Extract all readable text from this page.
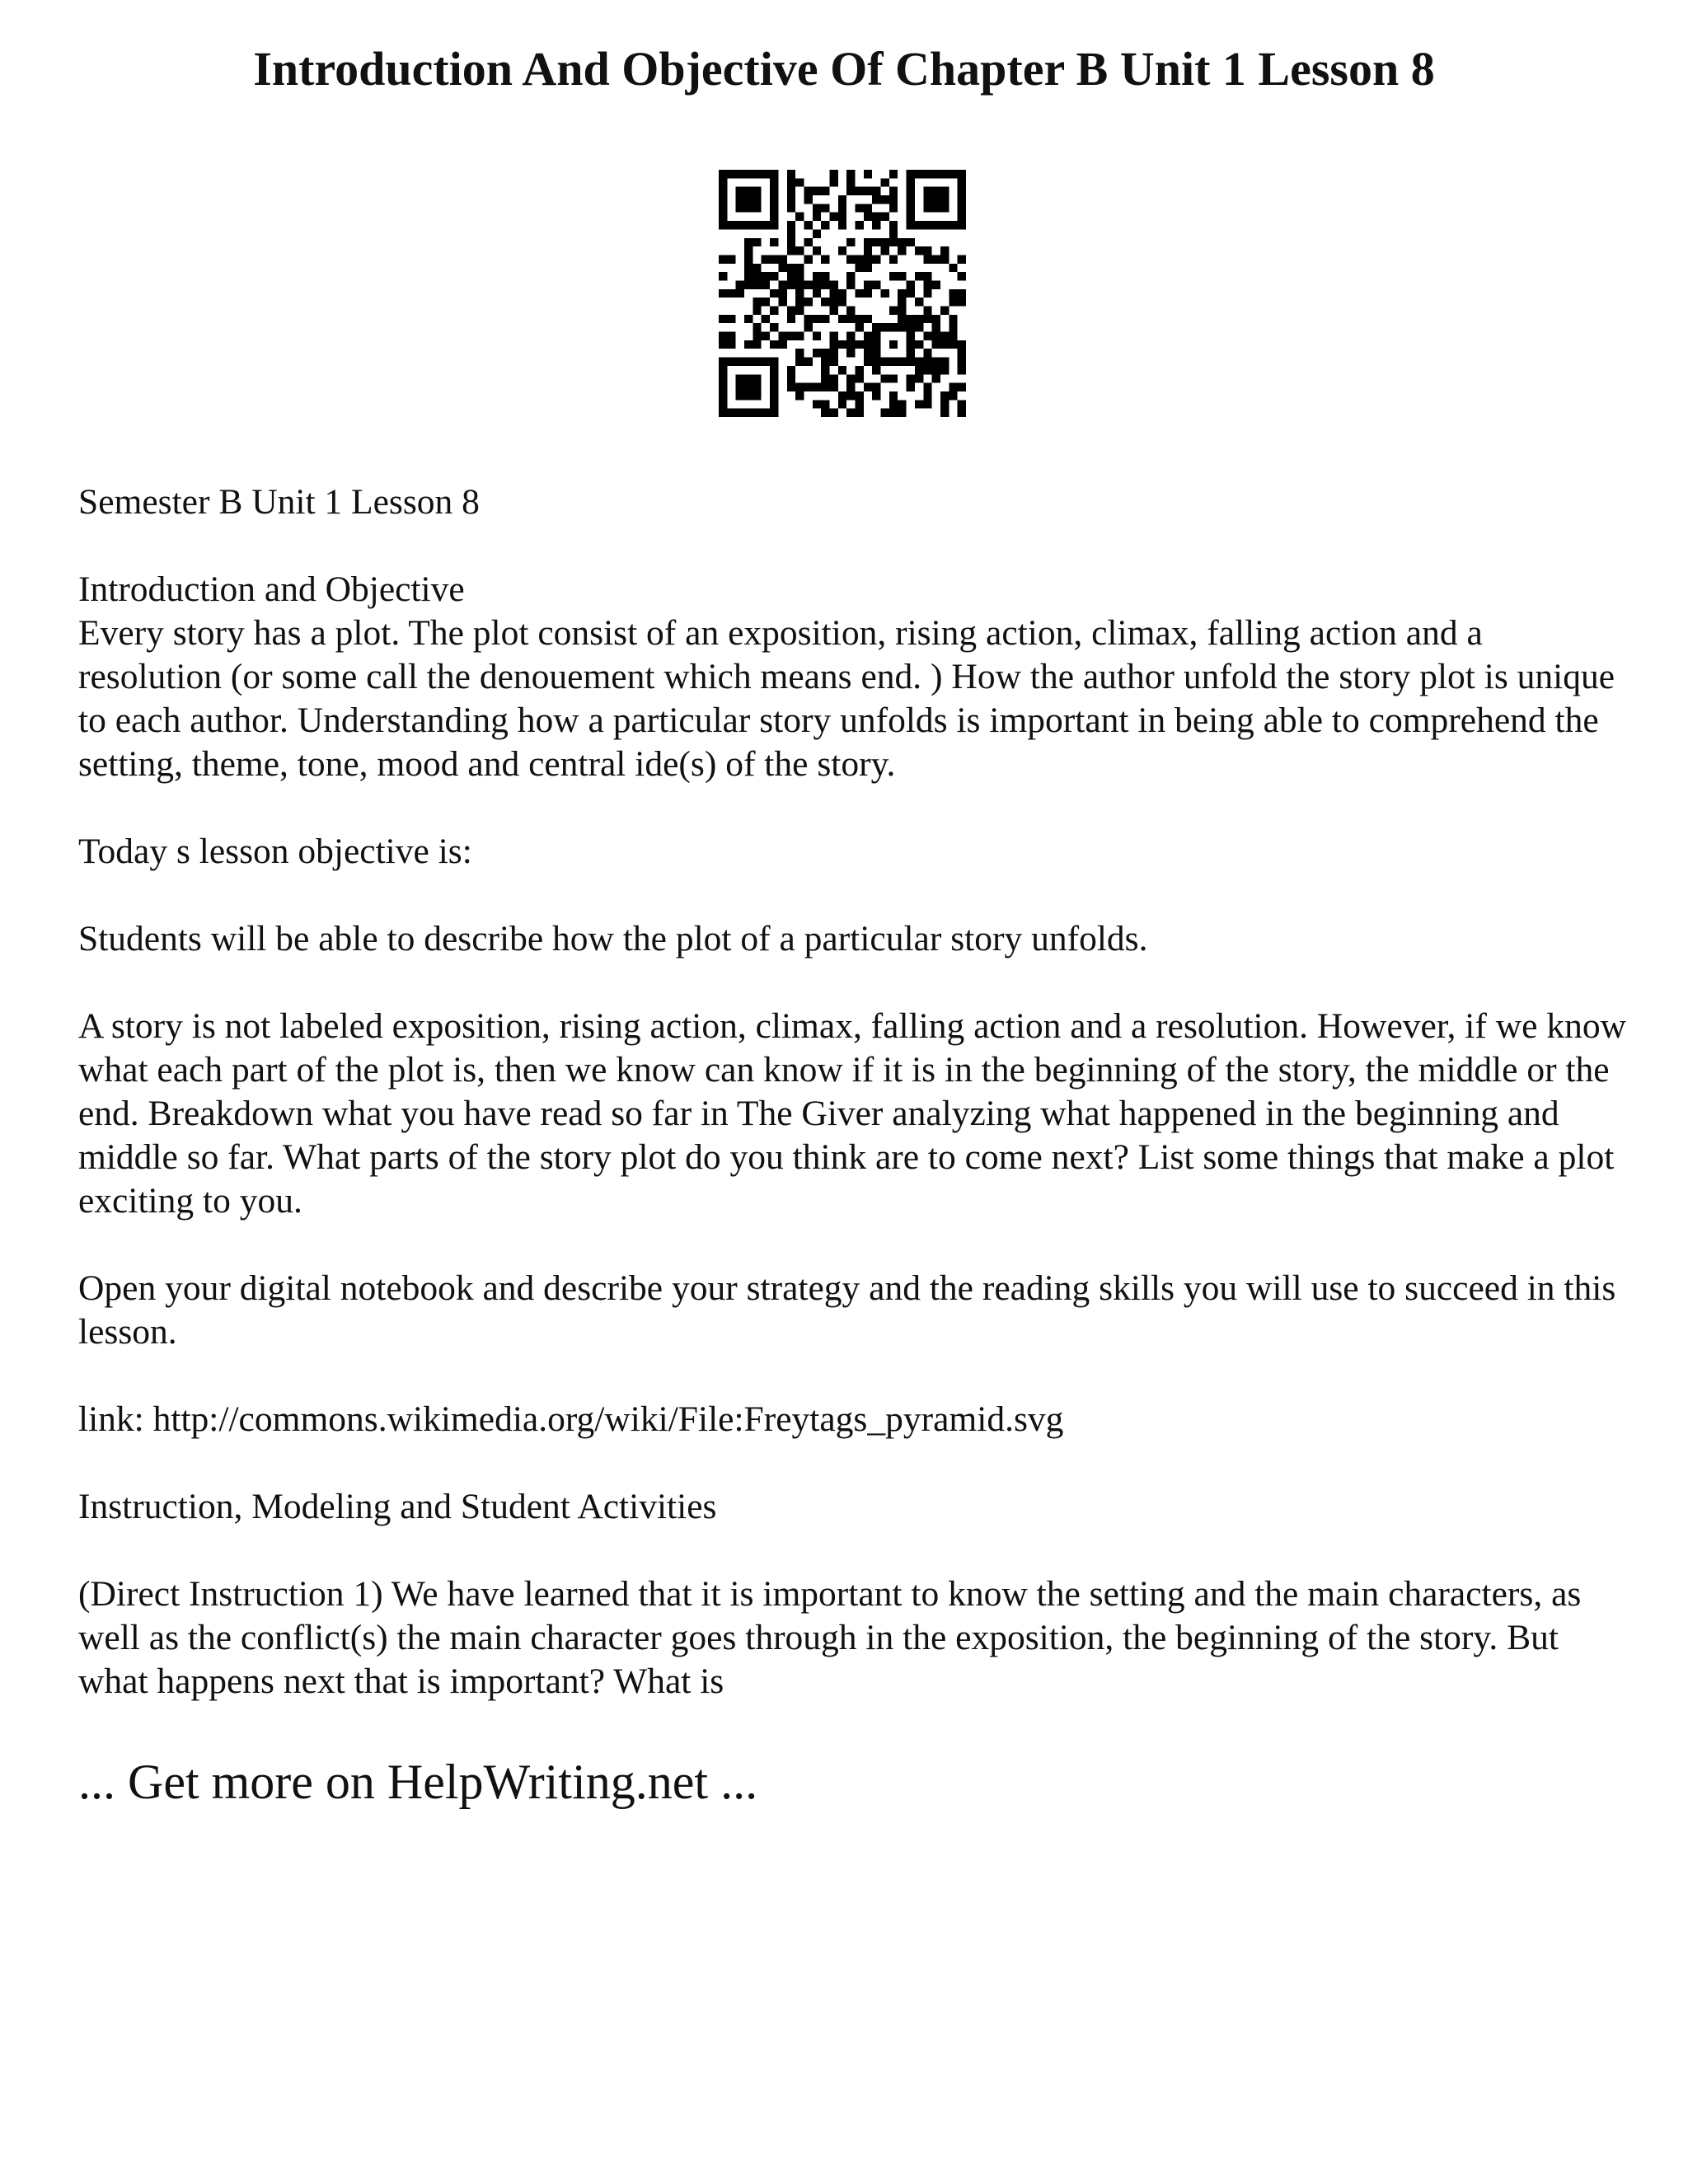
Introduction And Objective Of Chapter B Unit 1 Lesson 8

Semester B Unit 1 Lesson 8

Introduction and Objective

Every story has a plot. The plot consist of an exposition, rising action, climax, falling action and a resolution (or some call the denouement which means end. ) How the author unfold the story plot is unique to each author. Understanding how a particular story unfolds is important in being able to comprehend the setting, theme, tone, mood and central ide(s) of the story.

Today s lesson objective is:

Students will be able to describe how the plot of a particular story unfolds.

A story is not labeled exposition, rising action, climax, falling action and a resolution. However, if we know what each part of the plot is, then we know can know if it is in the beginning of the story, the middle or the end. Breakdown what you have read so far in The Giver analyzing what happened in the beginning and middle so far. What parts of the story plot do you think are to come next? List some things that make a plot exciting to you.

Open your digital notebook and describe your strategy and the reading skills you will use to succeed in this lesson.

link: http://commons.wikimedia.org/wiki/File:Freytags_pyramid.svg

Instruction, Modeling and Student Activities

(Direct Instruction 1) We have learned that it is important to know the setting and the main characters, as well as the conflict(s) the main character goes through in the exposition, the beginning of the story. But what happens next that is important? What is

... Get more on HelpWriting.net ...
